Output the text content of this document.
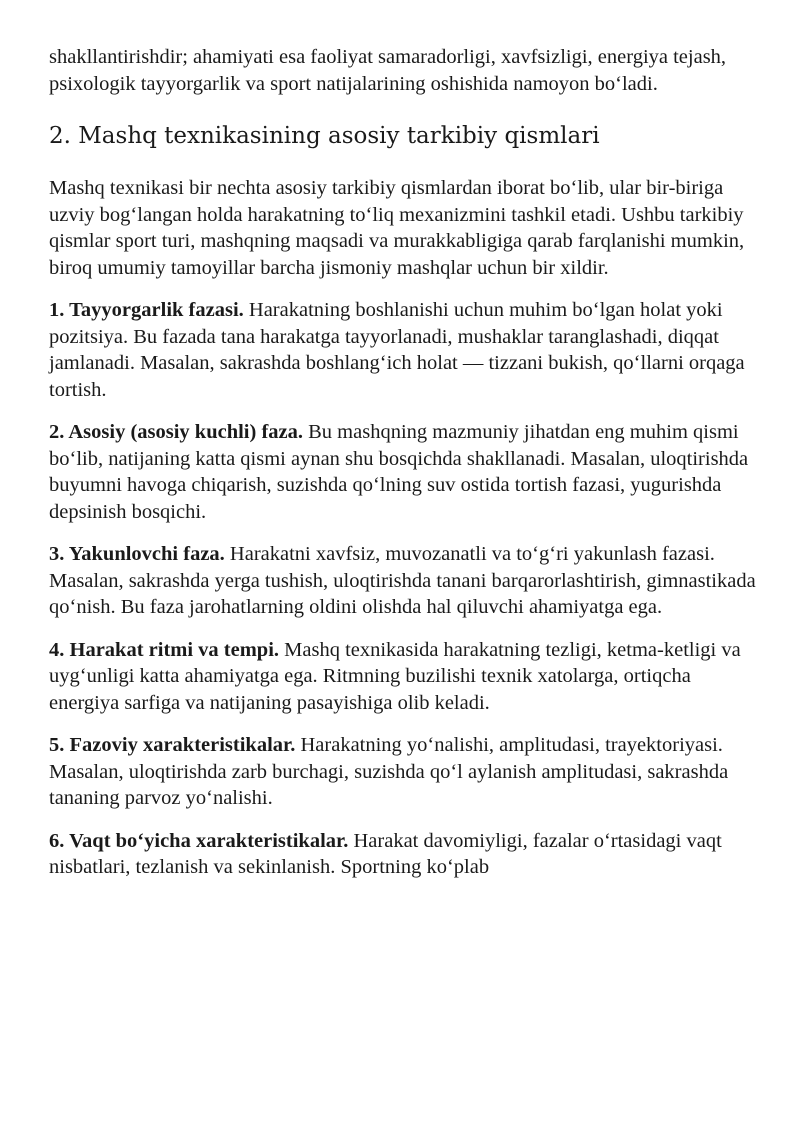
shakllantirishdir; ahamiyati esa faoliyat samaradorligi, xavfsizligi, energiya tejash, psixologik tayyorgarlik va sport natijalarining oshishida namoyon bo‘ladi.

2. Mashq texnikasining asosiy tarkibiy qismlari

Mashq texnikasi bir nechta asosiy tarkibiy qismlardan iborat bo‘lib, ular bir-biriga uzviy bog‘langan holda harakatning to‘liq mexanizmini tashkil etadi. Ushbu tarkibiy qismlar sport turi, mashqning maqsadi va murakkabligiga qarab farqlanishi mumkin, biroq umumiy tamoyillar barcha jismoniy mashqlar uchun bir xildir.

1. Tayyorgarlik fazasi. Harakatning boshlanishi uchun muhim bo‘lgan holat yoki pozitsiya. Bu fazada tana harakatga tayyorlanadi, mushaklar taranglashadi, diqqat jamlanadi. Masalan, sakrashda boshlang‘ich holat — tizzani bukish, qo‘llarni orqaga tortish.

2. Asosiy (asosiy kuchli) faza. Bu mashqning mazmuniy jihatdan eng muhim qismi bo‘lib, natijaning katta qismi aynan shu bosqichda shakllanadi. Masalan, uloqtirishda buyumni havoga chiqarish, suzishda qo‘lning suv ostida tortish fazasi, yugurishda depsinish bosqichi.

3. Yakunlovchi faza. Harakatni xavfsiz, muvozanatli va to‘g‘ri yakunlash fazasi. Masalan, sakrashda yerga tushish, uloqtirishda tanani barqarorlashtirish, gimnastikada qo‘nish. Bu faza jarohatlarning oldini olishda hal qiluvchi ahamiyatga ega.

4. Harakat ritmi va tempi. Mashq texnikasida harakatning tezligi, ketma-ketligi va uyg‘unligi katta ahamiyatga ega. Ritmning buzilishi texnik xatolarga, ortiqcha energiya sarfiga va natijaning pasayishiga olib keladi.

5. Fazoviy xarakteristikalar. Harakatning yo‘nalishi, amplitudasi, trayektoriyasi. Masalan, uloqtirishda zarb burchagi, suzishda qo‘l aylanish amplitudasi, sakrashda tananing parvoz yo‘nalishi.

6. Vaqt bo‘yicha xarakteristikalar. Harakat davomiyligi, fazalar o‘rtasidagi vaqt nisbatlari, tezlanish va sekinlanish. Sportning ko‘plab
